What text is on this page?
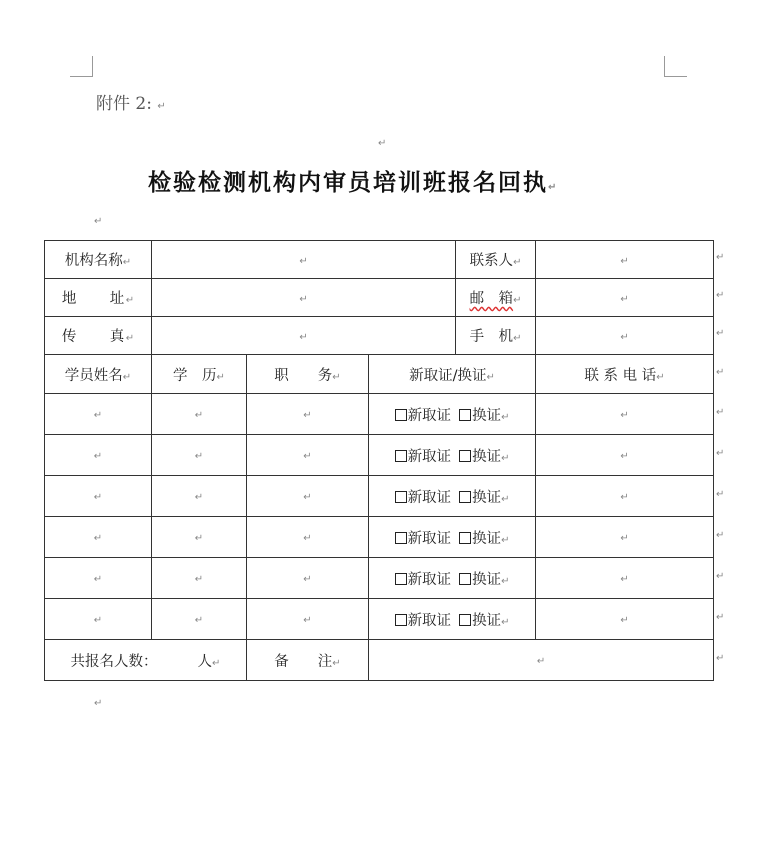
附件 2: ↵
↵
检验检测机构内审员培训班报名回执↵
↵
机构名称↵	↵			联系人↵	↵
地　　址↵	↵			邮　箱↵	↵
传　　真↵	↵			手　机↵	↵
学员姓名↵	学　历↵	职　　务↵	新取证/换证↵		联 系 电 话↵
↵	↵	↵	新取证 换证↵		↵
↵	↵	↵	新取证 换证↵		↵
↵	↵	↵	新取证 换证↵		↵
↵	↵	↵	新取证 换证↵		↵
↵	↵	↵	新取证 换证↵		↵
↵	↵	↵	新取证 换证↵		↵
共报名人数： 人↵		备　　注↵	↵		
↵
↵
↵
↵
↵
↵
↵
↵
↵
↵
↵
↵
